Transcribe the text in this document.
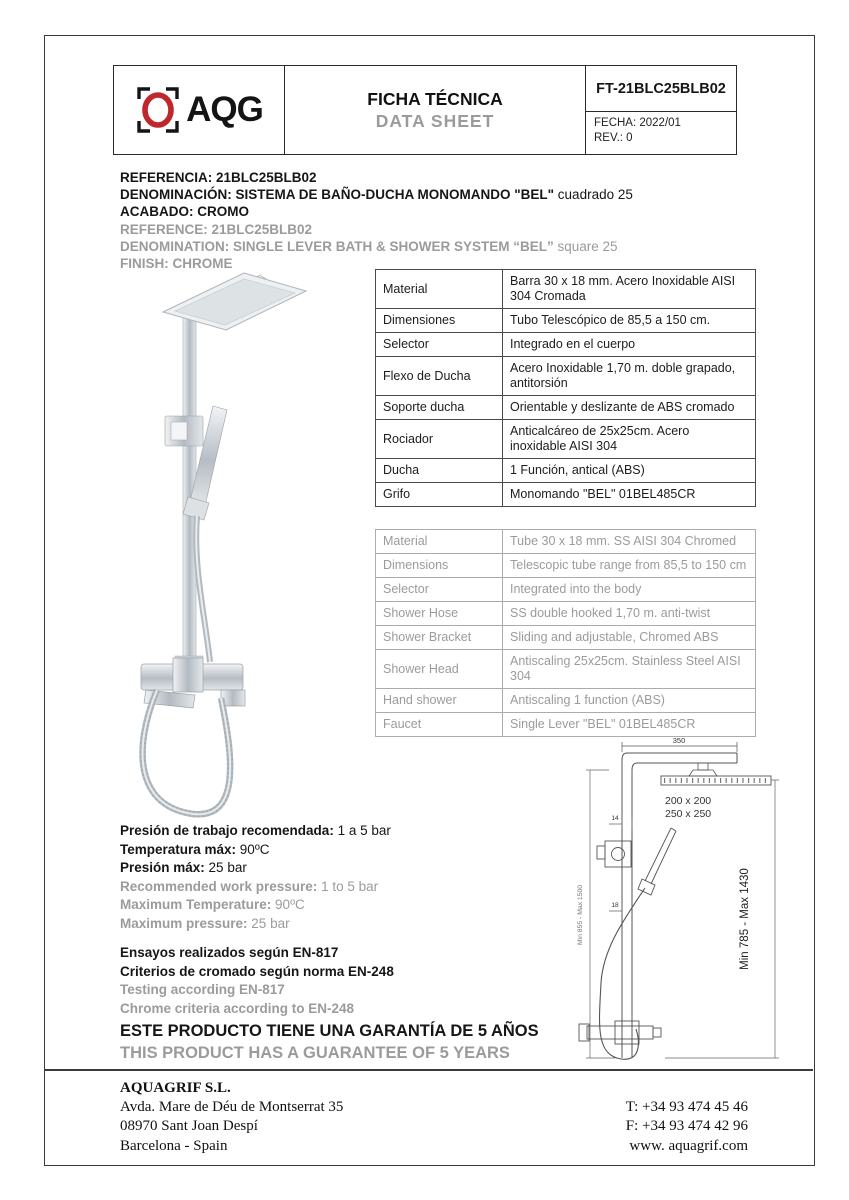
AQG	FICHA TÉCNICA
DATA SHEET
FT-21BLC25BLB02
FECHA: 2022/01
REV.: 0
REFERENCIA: 21BLC25BLB02
DENOMINACIÓN: SISTEMA DE BAÑO-DUCHA MONOMANDO "BEL" cuadrado 25
ACABADO: CROMO
REFERENCE: 21BLC25BLB02
DENOMINATION: SINGLE LEVER BATH & SHOWER SYSTEM “BEL” square 25
FINISH: CHROME
Material	Barra 30 x 18 mm. Acero Inoxidable AISI 304 Cromada
Dimensiones	Tubo Telescópico de 85,5 a 150 cm.
Selector	Integrado en el cuerpo
Flexo de Ducha	Acero Inoxidable 1,70 m. doble grapado, antitorsión
Soporte ducha	Orientable y deslizante de ABS cromado
Rociador	Anticalcáreo de 25x25cm. Acero inoxidable AISI 304
Ducha	1 Función, antical (ABS)
Grifo	Monomando "BEL" 01BEL485CR
Material	Tube 30 x 18 mm. SS AISI 304 Chromed
Dimensions	Telescopic tube range from 85,5 to 150 cm
Selector	Integrated into the body
Shower Hose	SS double hooked 1,70 m. anti-twist
Shower Bracket	Sliding and adjustable, Chromed ABS
Shower Head	Antiscaling 25x25cm. Stainless Steel AISI 304
Hand shower	Antiscaling 1 function (ABS)
Faucet	Single Lever "BEL" 01BEL485CR
350
200 x 200
250 x 250
14
18
Min 855 - Max 1500	Min 785 - Max 1430
Presión de trabajo recomendada: 1 a 5 bar
Temperatura máx: 90ºC
Presión máx: 25 bar
Recommended work pressure: 1 to 5 bar
Maximum Temperature: 90ºC
Maximum pressure: 25 bar
Ensayos realizados según EN-817
Criterios de cromado según norma EN-248
Testing according EN-817
Chrome criteria according to EN-248
ESTE PRODUCTO TIENE UNA GARANTÍA DE 5 AÑOS
THIS PRODUCT HAS A GUARANTEE OF 5 YEARS
AQUAGRIF S.L.
Avda. Mare de Déu de Montserrat 35
08970 Sant Joan Despí
Barcelona - Spain
T: +34 93 474 45 46
F: +34 93 474 42 96
www. aquagrif.com
